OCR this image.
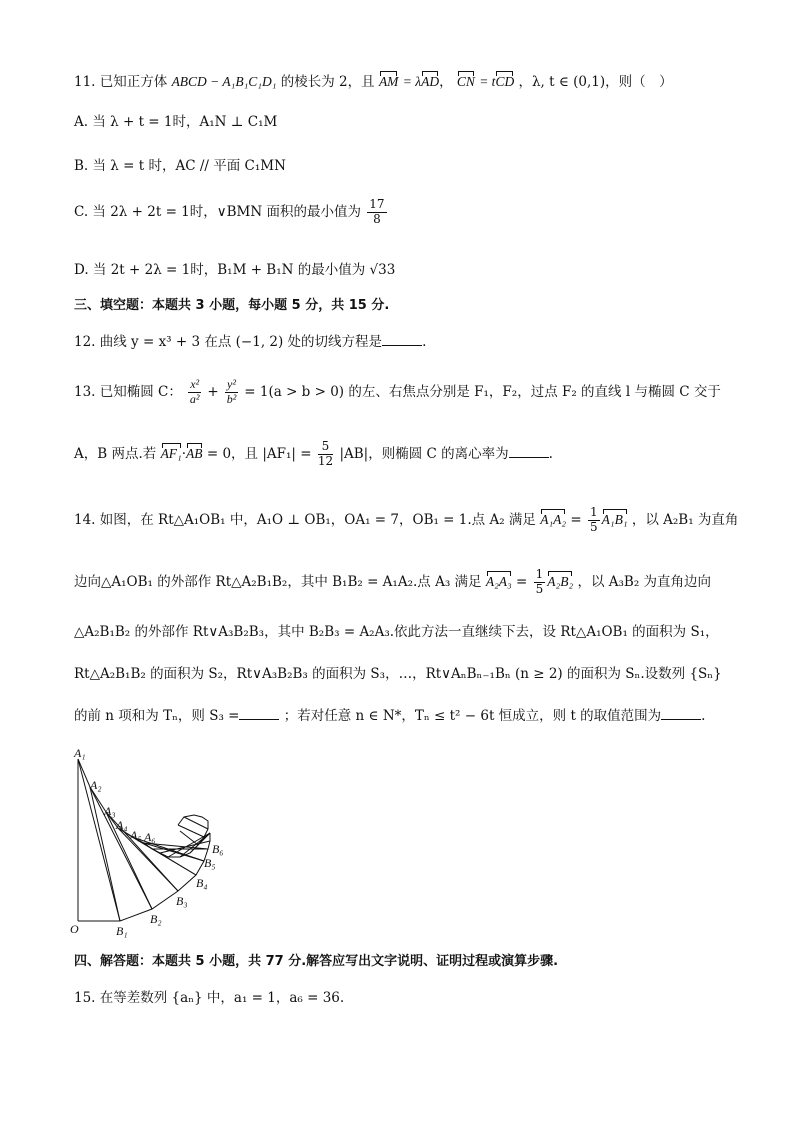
11. 已知正方体 ABCD − A₁B₁C₁D₁ 的棱长为 2，且 AM = λAD， CN = tCD ，λ, t ∈ (0,1)，则（　）
A. 当 λ + t = 1时，A₁N ⊥ C₁M
B. 当 λ = t 时，AC // 平面 C₁MN
C. 当 2λ + 2t = 1时，∨BMN 面积的最小值为 $\frac{17}{8}$
D. 当 2t + 2λ = 1时，B₁M + B₁N 的最小值为 √33
三、填空题：本题共 3 小题，每小题 5 分，共 15 分.
12. 曲线 y = x³ + 3 在点 (−1, 2) 处的切线方程是	.
13. 已知椭圆 C： $\frac{\text{x²}}{\text{a²}} + \frac{\text{y²}}{\text{b²}} = 1(a > b > 0)$ 的左、右焦点分别是 F₁，F₂，过点 F₂ 的直线 l 与椭圆 C 交于
A，B 两点.若 AF₁·AB = 0，且 $|AF_1| = \frac{5}{12} |AB|$，则椭圆 C 的离心率为	.
14. 如图，在 Rt△A₁OB₁ 中，A₁O ⊥ OB₁，OA₁ = 7，OB₁ = 1.点 A₂ 满足 $A_1A_2 = \frac{1}{5} A_1B_1$ ，以 A₂B₁ 为直角
边向△A₁OB₁ 的外部作 Rt△A₂B₁B₂，其中 B₁B₂ = A₁A₂.点 A₃ 满足 $A_2A_3 = \frac{1}{5} A_2B_2$ ，以 A₃B₂ 为直角边向
△A₂B₁B₂ 的外部作 Rt∨A₃B₂B₃，其中 B₂B₃ = A₂A₃.依此方法一直继续下去，设 Rt△A₁OB₁ 的面积为 S₁，
Rt△A₂B₁B₂ 的面积为 S₂，Rt∨A₃B₂B₃ 的面积为 S₃，…，Rt∨AₙBₙ₋₁Bₙ (n ≥ 2) 的面积为 Sₙ.设数列 {Sₙ}
的前 n 项和为 Tₙ，则 S₃ =	；若对任意 n ∈ N*，Tₙ ≤ t² − 6t 恒成立，则 t 的取值范围为	.
A₁
A₂
A₃
A₄
A₅ A₆
O	B₁
B₂
B₃
B₄
B₅
B₆
四、解答题：本题共 5 小题，共 77 分.解答应写出文字说明、证明过程或演算步骤.
15. 在等差数列 {aₙ} 中，a₁ = 1，a₆ = 36.
